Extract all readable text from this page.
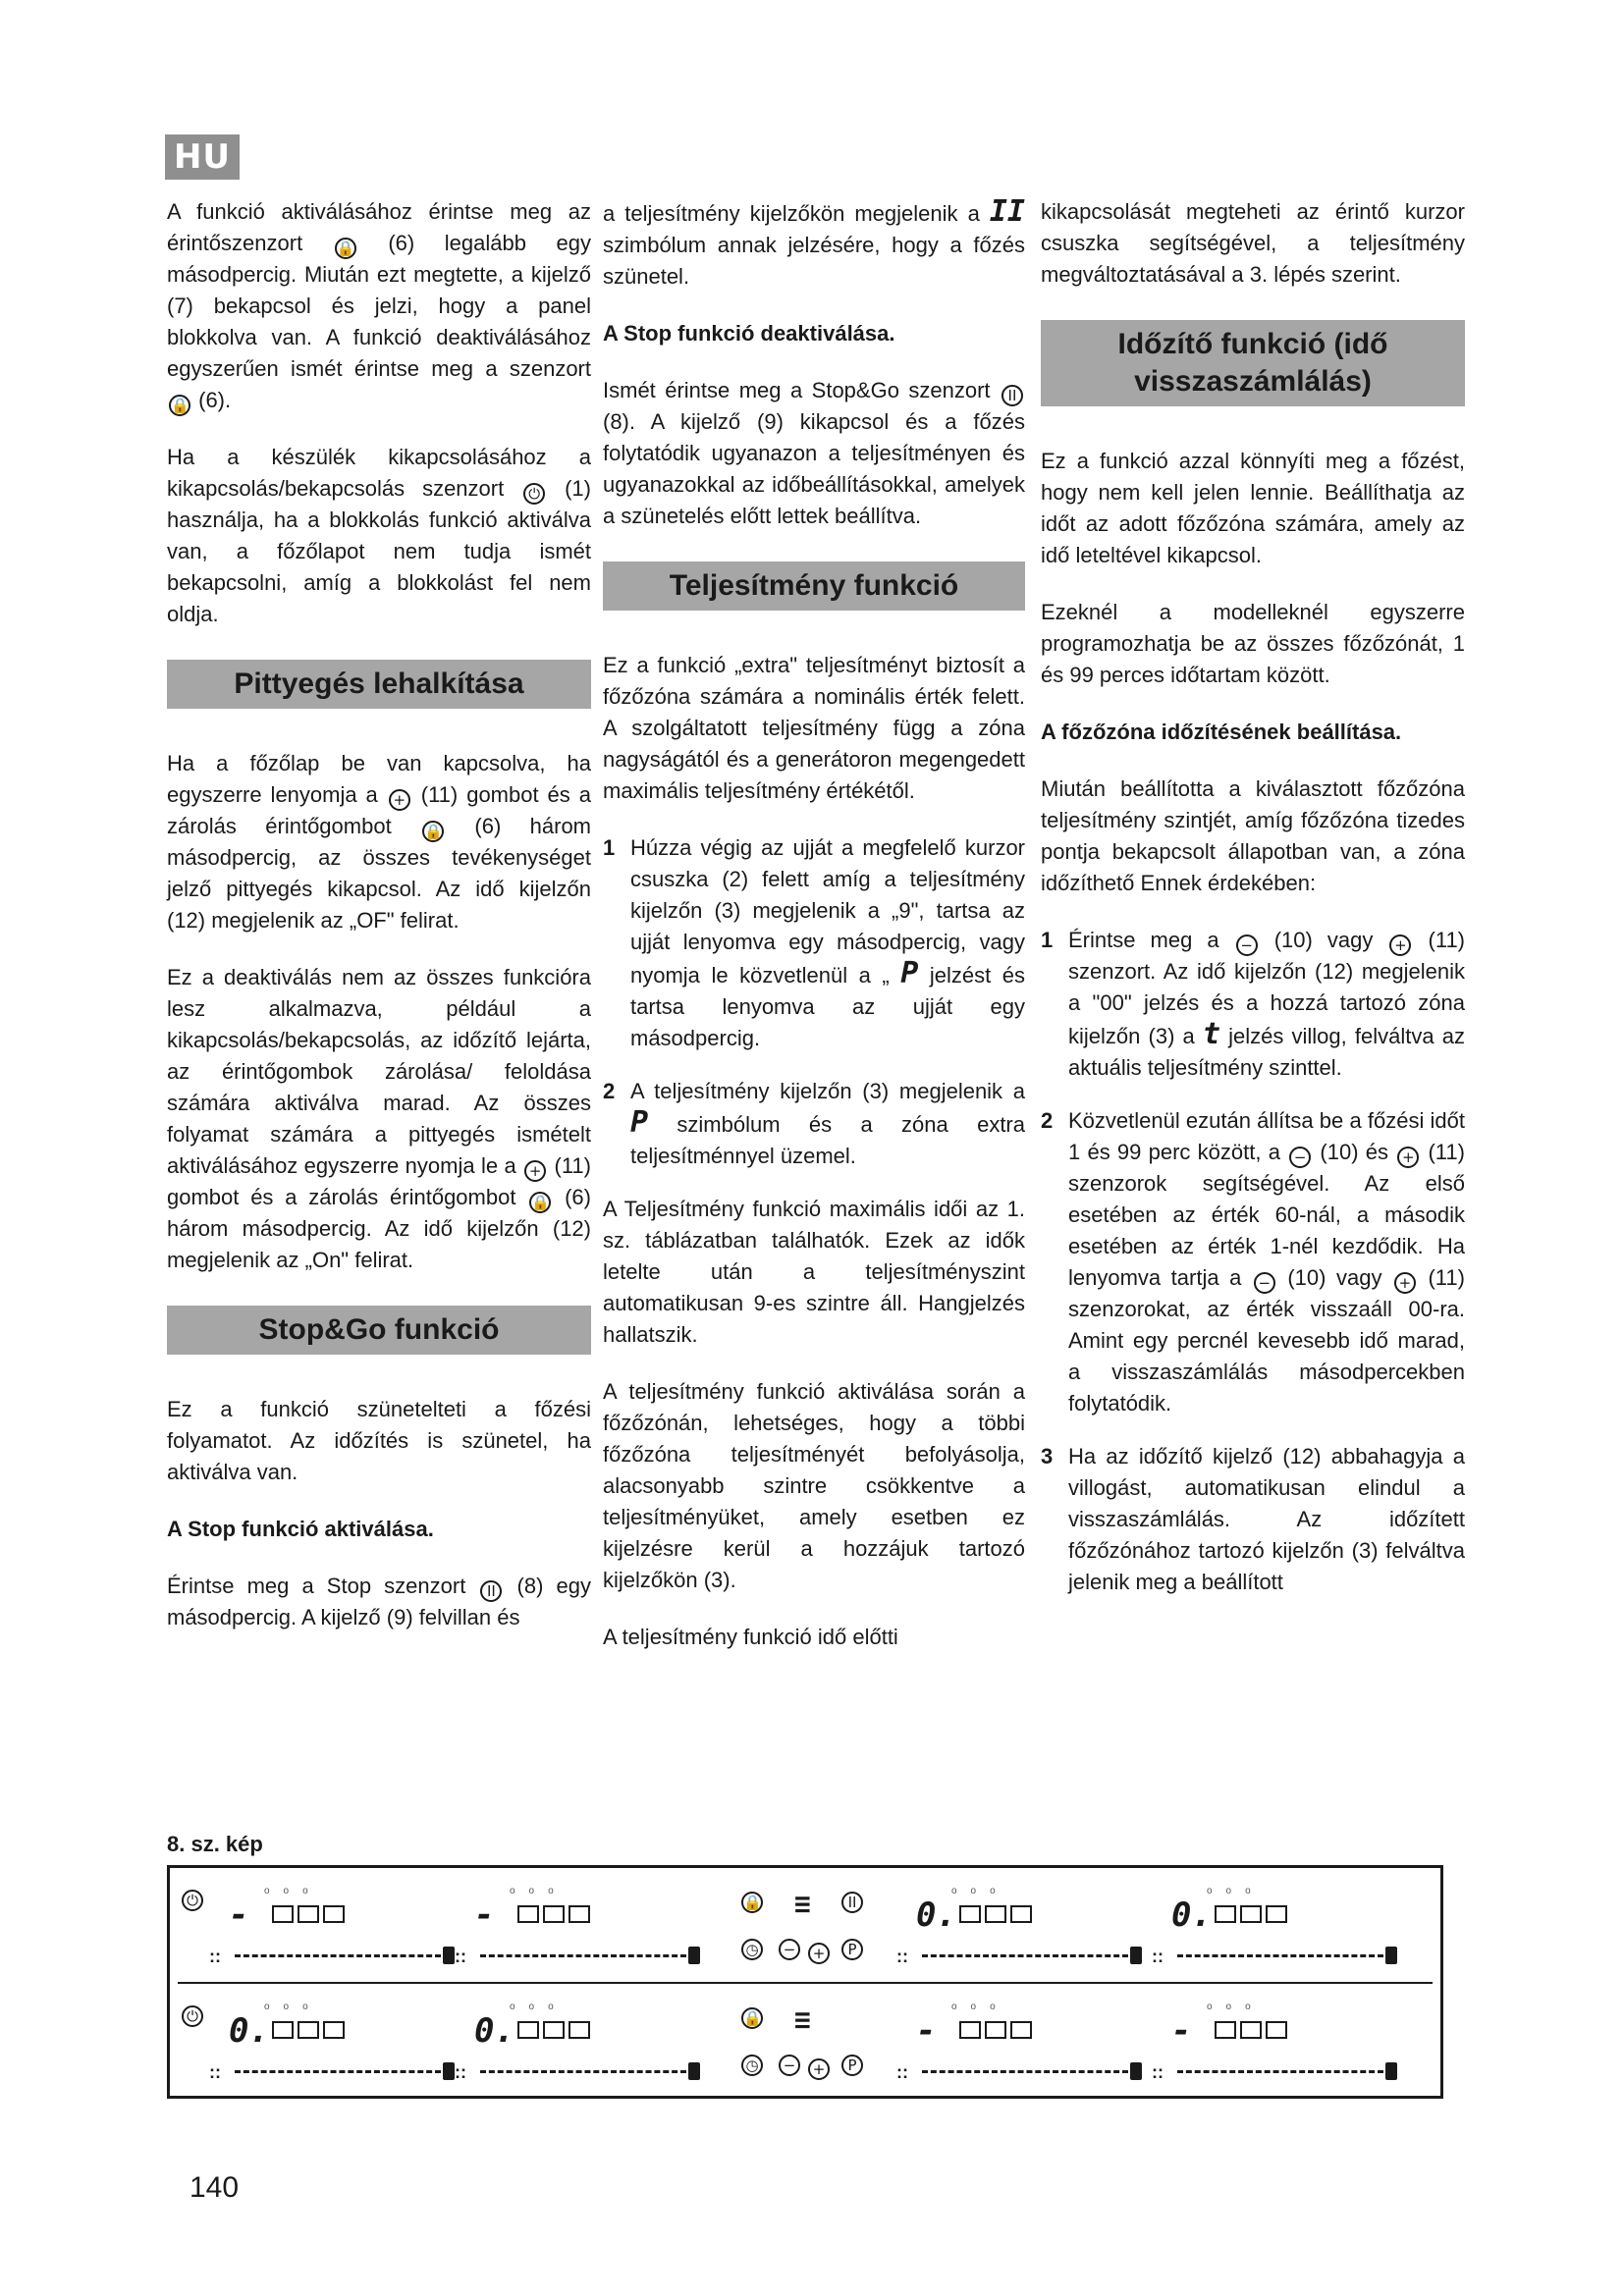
HU

A funkció aktiválásához érintse meg az érintőszenzort 🔒 (6) legalább egy másodpercig. Miután ezt megtette, a kijelző (7) bekapcsol és jelzi, hogy a panel blokkolva van. A funkció deaktiválásához egyszerűen ismét érintse meg a szenzort 🔒 (6).

Ha a készülék kikapcsolásához a kikapcsolás/bekapcsolás szenzort ⏻ (1) használja, ha a blokkolás funkció aktiválva van, a főzőlapot nem tudja ismét bekapcsolni, amíg a blokkolást fel nem oldja.

Pittyegés lehalkítása

Ha a főzőlap be van kapcsolva, ha egyszerre lenyomja a + (11) gombot és a zárolás érintőgombot 🔒 (6) három másodpercig, az összes tevékenységet jelző pittyegés kikapcsol. Az idő kijelzőn (12) megjelenik az „OF" felirat.

Ez a deaktiválás nem az összes funkcióra lesz alkalmazva, például a kikapcsolás/bekapcsolás, az időzítő lejárta, az érintőgombok zárolása/ feloldása számára aktiválva marad. Az összes folyamat számára a pittyegés ismételt aktiválásához egyszerre nyomja le a + (11) gombot és a zárolás érintőgombot 🔒 (6) három másodpercig. Az idő kijelzőn (12) megjelenik az „On" felirat.

Stop&Go funkció

Ez a funkció szünetelteti a főzési folyamatot. Az időzítés is szünetel, ha aktiválva van.

A Stop funkció aktiválása.

Érintse meg a Stop szenzort II (8) egy másodpercig. A kijelző (9) felvillan és

a teljesítmény kijelzőkön megjelenik a II szimbólum annak jelzésére, hogy a főzés szünetel.

A Stop funkció deaktiválása.

Ismét érintse meg a Stop&Go szenzort II (8). A kijelző (9) kikapcsol és a főzés folytatódik ugyanazon a teljesítményen és ugyanazokkal az időbeállításokkal, amelyek a szünetelés előtt lettek beállítva.

Teljesítmény funkció

Ez a funkció „extra" teljesítményt biztosít a főzőzóna számára a nominális érték felett. A szolgáltatott teljesítmény függ a zóna nagyságától és a generátoron megengedett maximális teljesítmény értékétől.

1 Húzza végig az ujját a megfelelő kurzor csuszka (2) felett amíg a teljesítmény kijelzőn (3) megjelenik a „9", tartsa az ujját lenyomva egy másodpercig, vagy nyomja le közvetlenül a „ P jelzést és tartsa lenyomva az ujját egy másodpercig.
2 A teljesítmény kijelzőn (3) megjelenik a P szimbólum és a zóna extra teljesítménnyel üzemel.

A Teljesítmény funkció maximális idői az 1. sz. táblázatban találhatók. Ezek az idők letelte után a teljesítményszint automatikusan 9-es szintre áll. Hangjelzés hallatszik.

A teljesítmény funkció aktiválása során a főzőzónán, lehetséges, hogy a többi főzőzóna teljesítményét befolyásolja, alacsonyabb szintre csökkentve a teljesítményüket, amely esetben ez kijelzésre kerül a hozzájuk tartozó kijelzőkön (3).

A teljesítmény funkció idő előtti

kikapcsolását megteheti az érintő kurzor csuszka segítségével, a teljesítmény megváltoztatásával a 3. lépés szerint.

Időzítő funkció (idő visszaszámlálás)

Ez a funkció azzal könnyíti meg a főzést, hogy nem kell jelen lennie. Beállíthatja az időt az adott főzőzóna számára, amely az idő leteltével kikapcsol.

Ezeknél a modelleknél egyszerre programozhatja be az összes főzőzónát, 1 és 99 perces időtartam között.

A főzőzóna időzítésének beállítása.

Miután beállította a kiválasztott főzőzóna teljesítmény szintjét, amíg főzőzóna tizedes pontja bekapcsolt állapotban van, a zóna időzíthető Ennek érdekében:

1 Érintse meg a − (10) vagy + (11) szenzort. Az idő kijelzőn (12) megjelenik a "00" jelzés és a hozzá tartozó zóna kijelzőn (3) a t jelzés villog, felváltva az aktuális teljesítmény szinttel.
2 Közvetlenül ezután állítsa be a főzési időt 1 és 99 perc között, a − (10) és + (11) szenzorok segítségével. Az első esetében az érték 60-nál, a második esetében az érték 1-nél kezdődik. Ha lenyomva tartja a − (10) vagy + (11) szenzorokat, az érték visszaáll 00-ra. Amint egy percnél kevesebb idő marad, a visszaszámlálás másodpercekben folytatódik.
3 Ha az időzítő kijelző (12) abbahagyja a villogást, automatikusan elindul a visszaszámlálás. Az időzített főzőzónához tartozó kijelzőn (3) felváltva jelenik meg a beállított
8. sz. kép
⏻
ooo
-
::
ooo
-
::
🔒 ≡	II
◷	−	+	P
ooo
0.
::
ooo
0.
::
⏻
ooo
0.
::
ooo
0.
::
🔒 ≡
◷	−	+	P
ooo
-
::
ooo
-
::
140
